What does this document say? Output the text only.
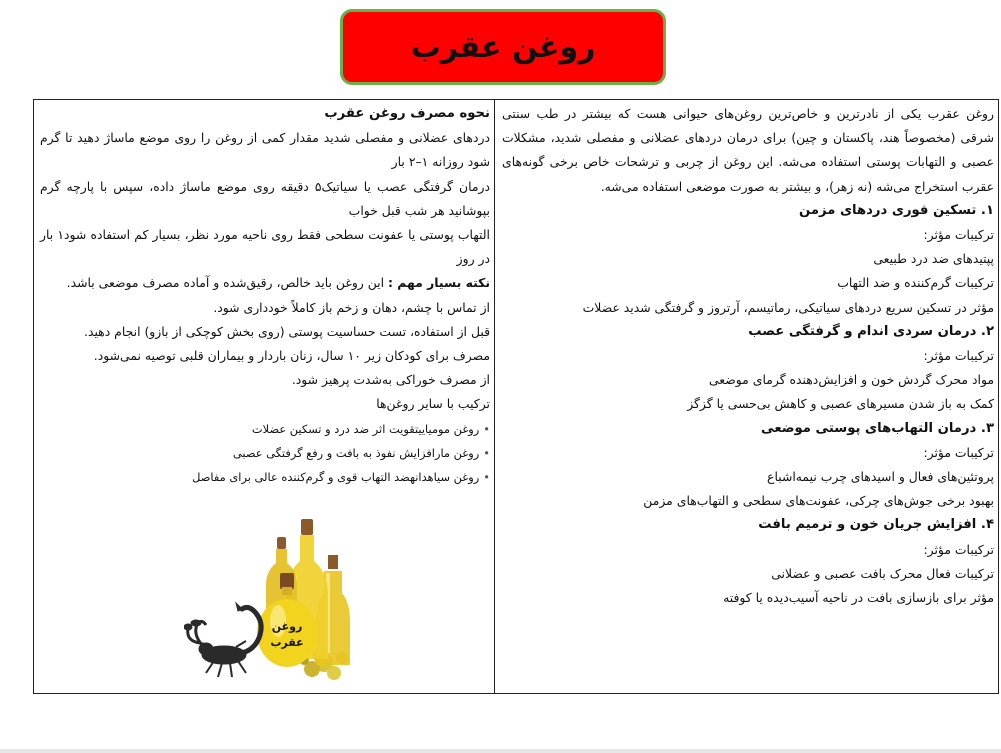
روغن عقرب

روغن عقرب یکی از نادرترین و خاص‌ترین روغن‌های حیوانی هست که بیشتر در طب سنتی شرقی (مخصوصاً هند، پاکستان و چین) برای درمان دردهای عضلانی و مفصلی شدید، مشکلات عصبی و التهابات پوستی استفاده می‌شه. این روغن از چربی و ترشحات خاص برخی گونه‌های عقرب استخراج می‌شه (نه زهر)، و بیشتر به صورت موضعی استفاده می‌شه.

۱. تسکین فوری دردهای مزمن

ترکیبات مؤثر:

پپتیدهای ضد درد طبیعی

ترکیبات گرم‌کننده و ضد التهاب

مؤثر در تسکین سریع دردهای سیاتیکی، رماتیسم، آرتروز و گرفتگی شدید عضلات

۲. درمان سردی اندام و گرفتگی عصب

ترکیبات مؤثر:

مواد محرک گردش خون و افزایش‌دهنده گرمای موضعی

کمک به باز شدن مسیرهای عصبی و کاهش بی‌حسی یا گزگز

۳. درمان التهاب‌های پوستی موضعی

ترکیبات مؤثر:

پروتئین‌های فعال و اسیدهای چرب نیمه‌اشباع

بهبود برخی جوش‌های چرکی، عفونت‌های سطحی و التهاب‌های مزمن

۴. افزایش جریان خون و ترمیم بافت

ترکیبات مؤثر:

ترکیبات فعال محرک بافت عصبی و عضلانی

مؤثر برای بازسازی بافت در ناحیه آسیب‌دیده یا کوفته

نحوه مصرف روغن عقرب

دردهای عضلانی و مفصلی شدید مقدار کمی از روغن را روی موضع ماساژ دهید تا گرم شود روزانه ۱–۲ بار

درمان گرفتگی عصب یا سیاتیک۵ دقیقه روی موضع ماساژ داده، سپس با پارچه گرم بپوشانید هر شب قبل خواب

التهاب پوستی یا عفونت سطحی فقط روی ناحیه مورد نظر، بسیار کم استفاده شود۱ بار در روز

نکته بسیار مهم : این روغن باید خالص، رقیق‌شده و آماده مصرف موضعی باشد.

از تماس با چشم، دهان و زخم باز کاملاً خودداری شود.

قبل از استفاده، تست حساسیت پوستی (روی بخش کوچکی از بازو) انجام دهید.

مصرف برای کودکان زیر ۱۰ سال، زنان باردار و بیماران قلبی توصیه نمی‌شود.

از مصرف خوراکی به‌شدت پرهیز شود.

ترکیب با سایر روغن‌ها

•روغن مومیاییتقویت اثر ضد درد و تسکین عضلات

•روغن مارافزایش نفوذ به بافت و رفع گرفتگی عصبی

•روغن سیاهدانهضد التهاب قوی و گرم‌کننده عالی برای مفاصل

روغن
عقرب
